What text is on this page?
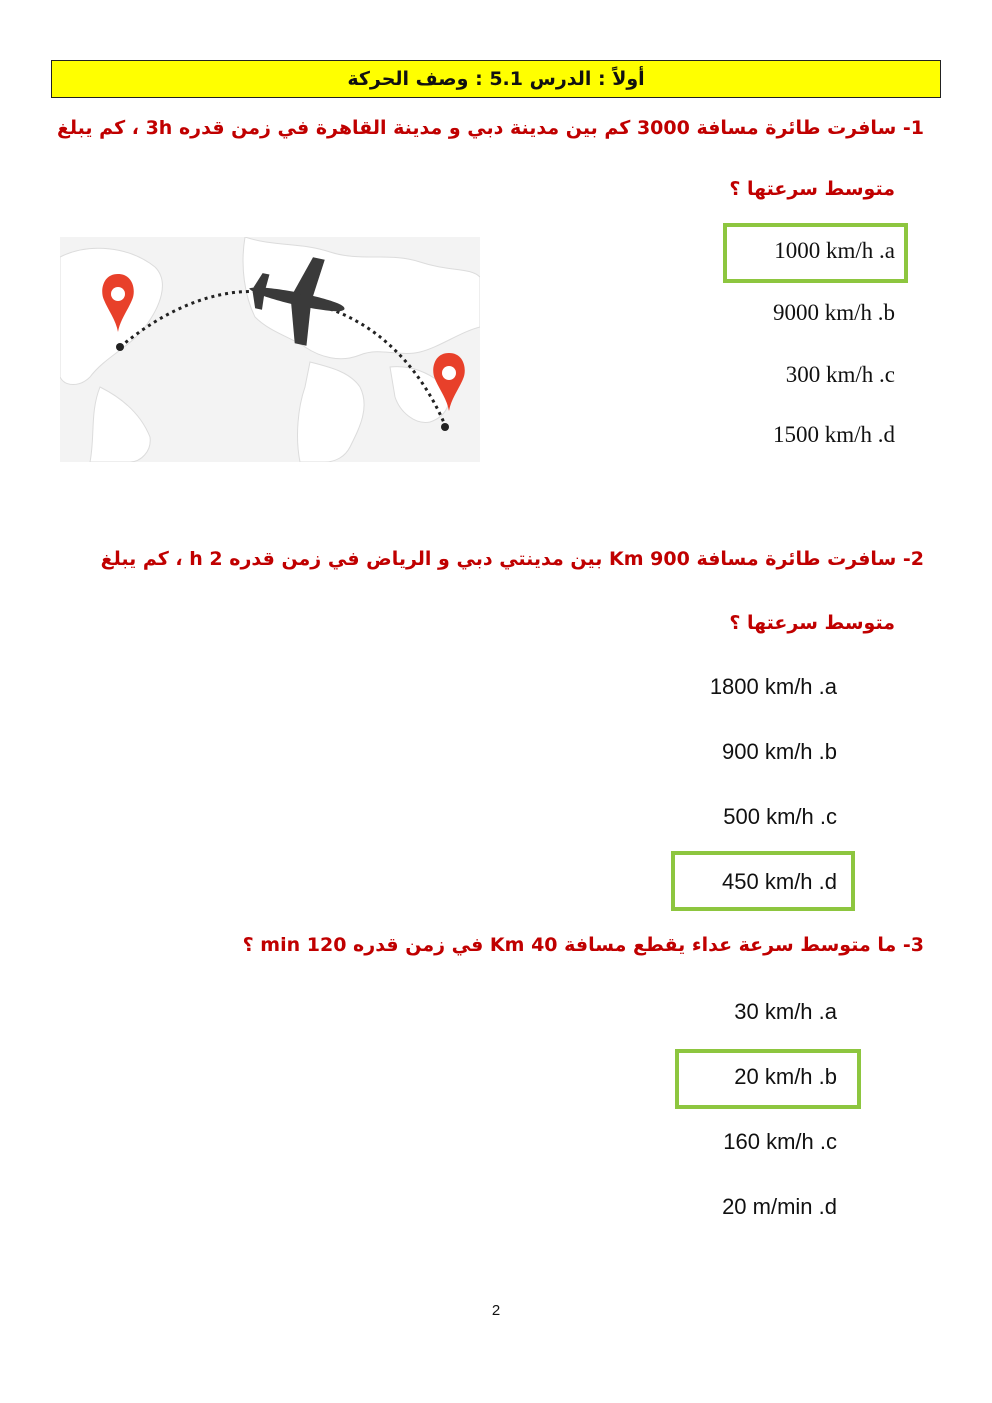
أولاً : الدرس 5.1 : وصف الحركة
1- سافرت طائرة مسافة 3000 كم بين مدينة دبي و مدينة القاهرة في زمن قدره 3h ، كم يبلغ
متوسط سرعتها ؟
1000 km/h .a
9000 km/h .b
300 km/h .c
1500 km/h .d
2- سافرت طائرة مسافة 900 Km بين مدينتي دبي و الرياض في زمن قدره 2 h ، كم يبلغ
متوسط سرعتها ؟
1800 km/h .a
900 km/h .b
500 km/h .c
450 km/h .d
3- ما متوسط سرعة عداء يقطع مسافة 40 Km في زمن قدره 120 min ؟
30 km/h .a
20 km/h .b
160 km/h .c
20 m/min .d
2
